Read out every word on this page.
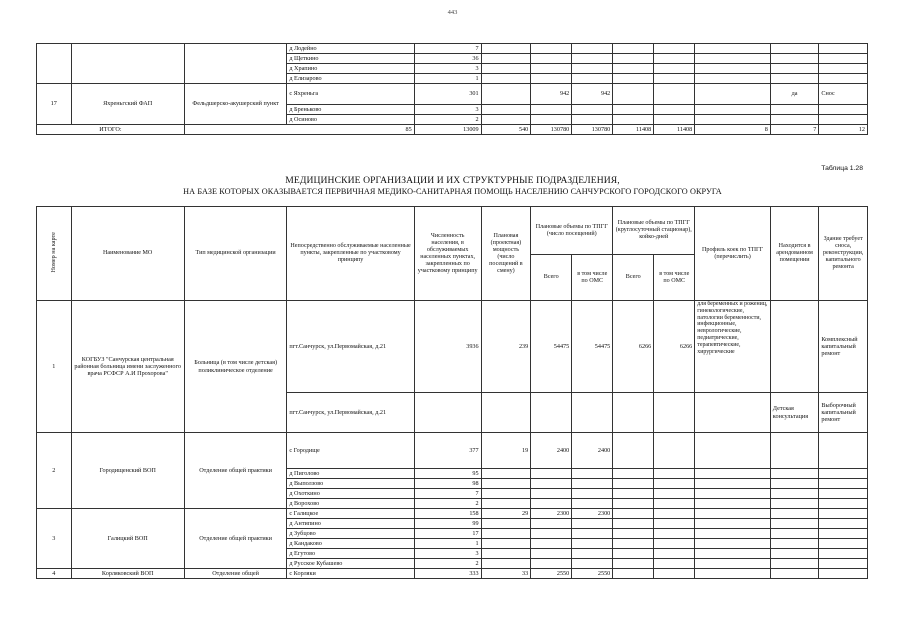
443
			д Лодейно	7								
			д Щеткино	36								
			д Храпино	3								
			д Елизарово	1								
17	Яхреньгский ФАП	Фельдшерско-акушерский пункт	с Яхреньга	301		942	942				да	Снос
			д Бреньково	3								
			д Осиново	2								
ИТОГО:		85		13009	540	130780	130780	11408	11408	8	7	12
Таблица 1.28
МЕДИЦИНСКИЕ ОРГАНИЗАЦИИ И ИХ СТРУКТУРНЫЕ ПОДРАЗДЕЛЕНИЯ,
НА БАЗЕ КОТОРЫХ ОКАЗЫВАЕТСЯ ПЕРВИЧНАЯ МЕДИКО-САНИТАРНАЯ ПОМОЩЬ НАСЕЛЕНИЮ САНЧУРСКОГО ГОРОДСКОГО ОКРУГА
Номер на карте	Наименование МО	Тип медицинской организации	Непосредственно обслуживаемые населенные пункты, закрепленные по участковому принципу	Численность населения, в обслуживаемых населенных пунктах, закрепленных по участковому принципу	Плановая (проектная) мощность (число посещений в смену)	Плановые объемы по ТПГГ (число посещений)		Плановые объемы по ТПГГ (круглосуточный стационар), койко-дней		Профиль коек по ТПГГ (перечислить)	Находится в арендованном помещении	Здание требует сноса, реконструкции, капитального ремонта
						Всего	в том числе по ОМС	Всего	в том числе по ОМС			
1	КОГБУЗ "Санчурская центральная районная больница имени заслуженного врача РСФСР А.И Прохорова"	Больница (в том числе детская) поликлиническое отделение	пгт.Санчурск, ул.Первомайская, д.21	3936	239	54475	54475	6266	6266	для беременных и рожениц, гинекологические, патологии беременности, инфекционные, неврологические, педиатрические, терапевтические, хирургические		Комплексный капитальный ремонт
			пгт.Санчурск, ул.Первомайская, д.21								Детская консультация	Выборочный капитальный ремонт
2	Городищенский ВОП	Отделение общей практики	с Городище	377	19	2400	2400					
			д Пиголово	95								
			д Выползово	98								
			д Охоткино	7								
			д Ворохово	2								
3	Галицкий ВОП	Отделение общей практики	с Галицкое	158	29	2300	2300					
			д Антипино	99								
			д Зубцово	17								
			д Кандаково	1								
			д Егутово	3								
			д Русское Кубашево	2								
4	Корляковский ВОП	Отделение общей	с Корляки	333	33	2550	2550					
